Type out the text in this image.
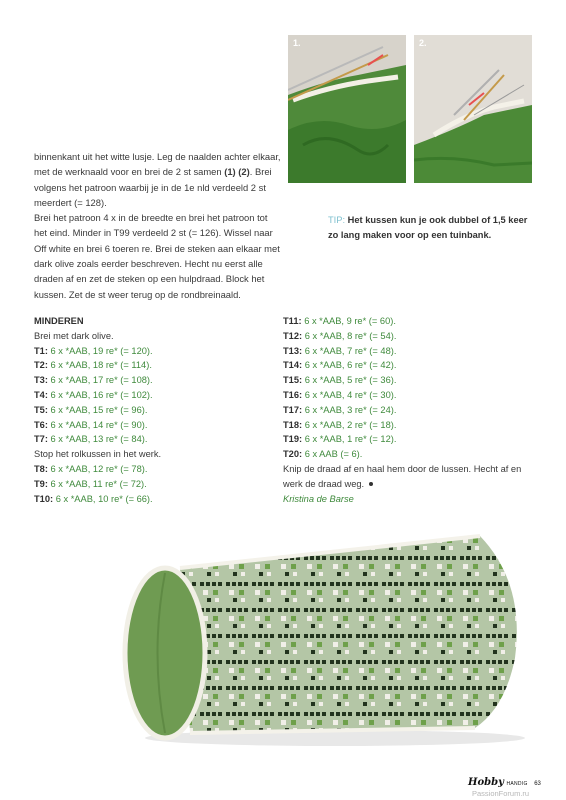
1.	2.
binnenkant uit het witte lusje. Leg de naalden achter elkaar, met de werknaald voor en brei de 2 st samen (1) (2). Brei volgens het patroon waarbij je in de 1e nld verdeeld 2 st meerdert (= 128).
Brei het patroon 4 x in de breedte en brei het patroon tot het eind. Minder in T99 verdeeld 2 st (= 126). Wissel naar Off white en brei 6 toeren re. Brei de steken aan elkaar met dark olive zoals eerder beschreven. Hecht nu eerst alle draden af en zet de steken op een hulpdraad. Block het kussen. Zet de st weer terug op de rondbreinaald.
TIP: Het kussen kun je ook dubbel of 1,5 keer zo lang maken voor op een tuinbank.
MINDEREN
Brei met dark olive.
T1: 6 x *AAB, 19 re* (= 120).
T2: 6 x *AAB, 18 re* (= 114).
T3: 6 x *AAB, 17 re* (= 108).
T4: 6 x *AAB, 16 re* (= 102).
T5: 6 x *AAB, 15 re* (= 96).
T6: 6 x *AAB, 14 re* (= 90).
T7: 6 x *AAB, 13 re* (= 84).
Stop het rolkussen in het werk.
T8: 6 x *AAB, 12 re* (= 78).
T9: 6 x *AAB, 11 re* (= 72).
T10: 6 x *AAB, 10 re* (= 66).
T11: 6 x *AAB, 9 re* (= 60).
T12: 6 x *AAB, 8 re* (= 54).
T13: 6 x *AAB, 7 re* (= 48).
T14: 6 x *AAB, 6 re* (= 42).
T15: 6 x *AAB, 5 re* (= 36).
T16: 6 x *AAB, 4 re* (= 30).
T17: 6 x *AAB, 3 re* (= 24).
T18: 6 x *AAB, 2 re* (= 18).
T19: 6 x *AAB, 1 re* (= 12).
T20: 6 x AAB (= 6).
Knip de draad af en haal hem door de lussen. Hecht af en werk de draad weg.
Kristina de Barse
Hobby HANDIG 63
PassionForum.ru
